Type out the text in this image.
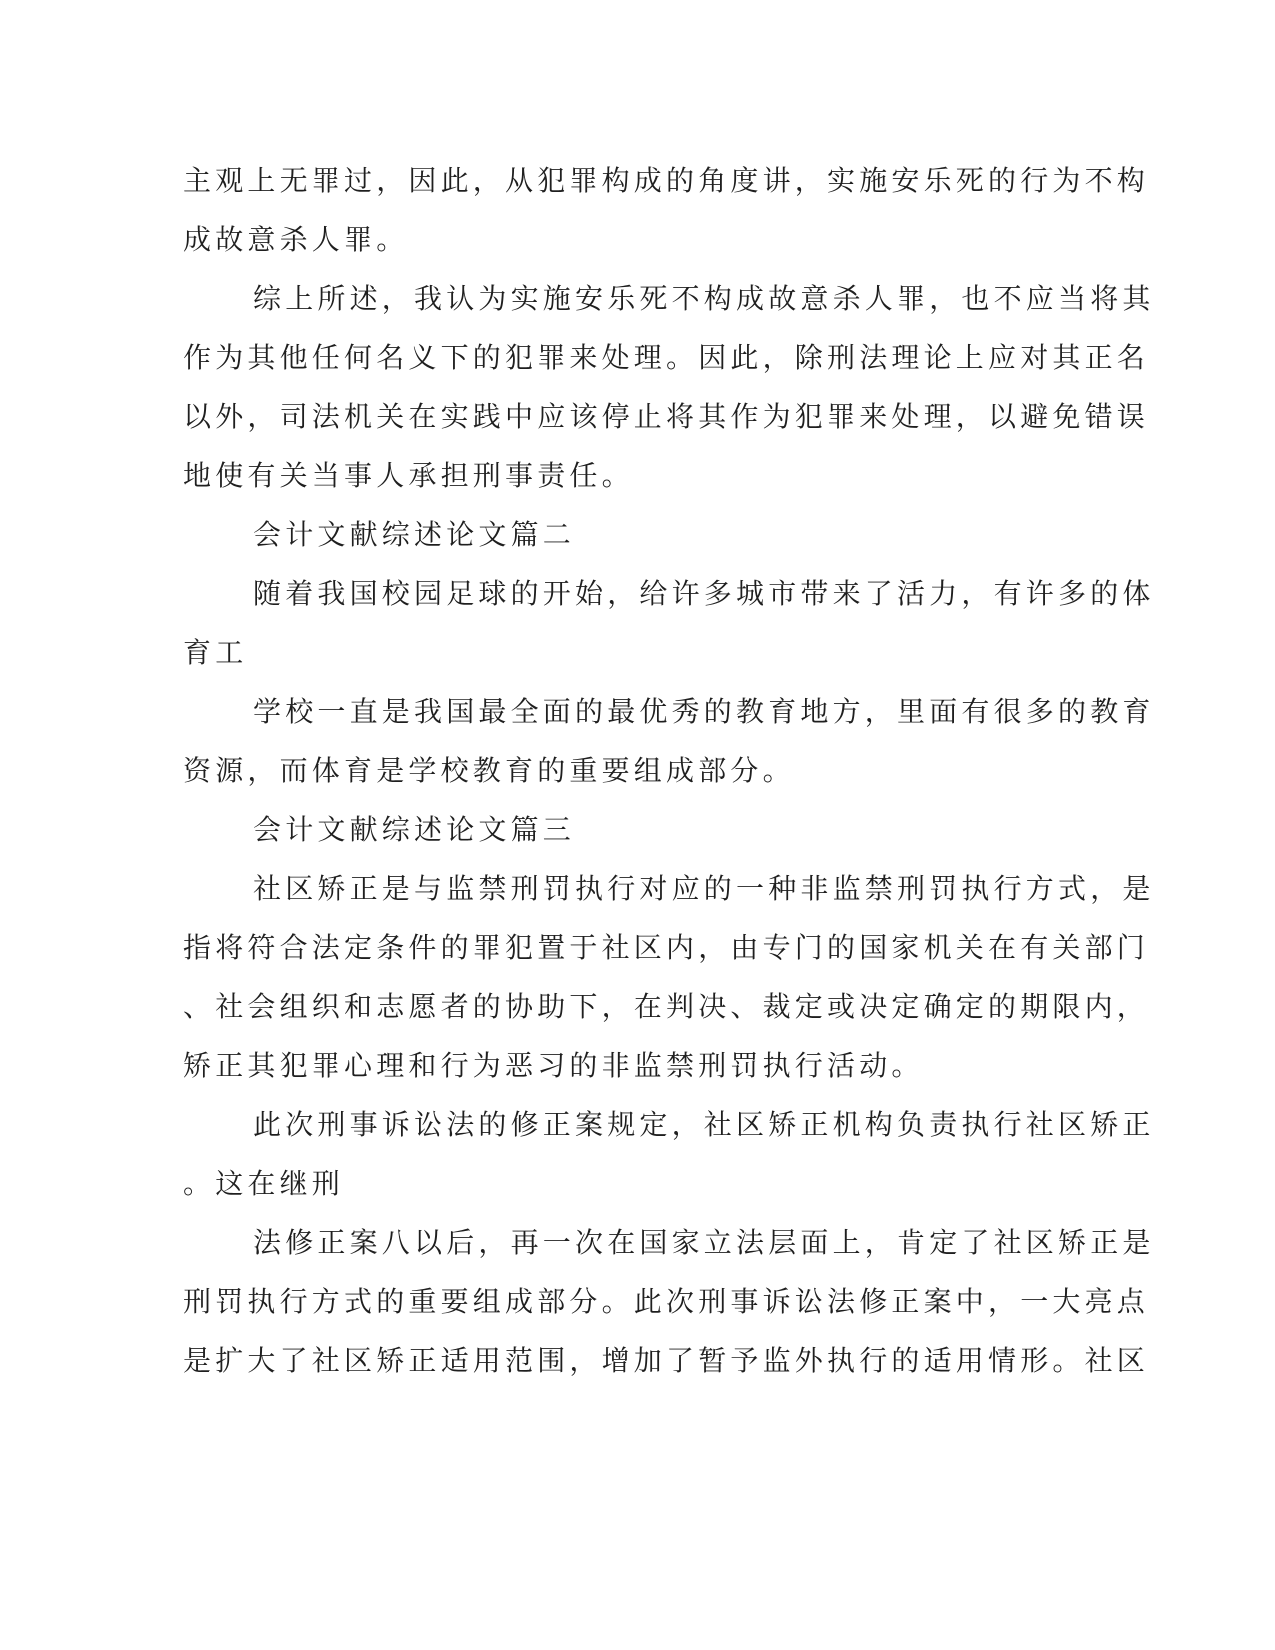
主观上无罪过，因此，从犯罪构成的角度讲，实施安乐死的行为不构
成故意杀人罪。
综上所述，我认为实施安乐死不构成故意杀人罪，也不应当将其
作为其他任何名义下的犯罪来处理。因此，除刑法理论上应对其正名
以外，司法机关在实践中应该停止将其作为犯罪来处理，以避免错误
地使有关当事人承担刑事责任。
会计文献综述论文篇二
随着我国校园足球的开始，给许多城市带来了活力，有许多的体
育工
学校一直是我国最全面的最优秀的教育地方，里面有很多的教育
资源，而体育是学校教育的重要组成部分。
会计文献综述论文篇三
社区矫正是与监禁刑罚执行对应的一种非监禁刑罚执行方式，是
指将符合法定条件的罪犯置于社区内，由专门的国家机关在有关部门
、社会组织和志愿者的协助下，在判决、裁定或决定确定的期限内，
矫正其犯罪心理和行为恶习的非监禁刑罚执行活动。
此次刑事诉讼法的修正案规定，社区矫正机构负责执行社区矫正
。这在继刑
法修正案八以后，再一次在国家立法层面上，肯定了社区矫正是
刑罚执行方式的重要组成部分。此次刑事诉讼法修正案中，一大亮点
是扩大了社区矫正适用范围，增加了暂予监外执行的适用情形。社区
